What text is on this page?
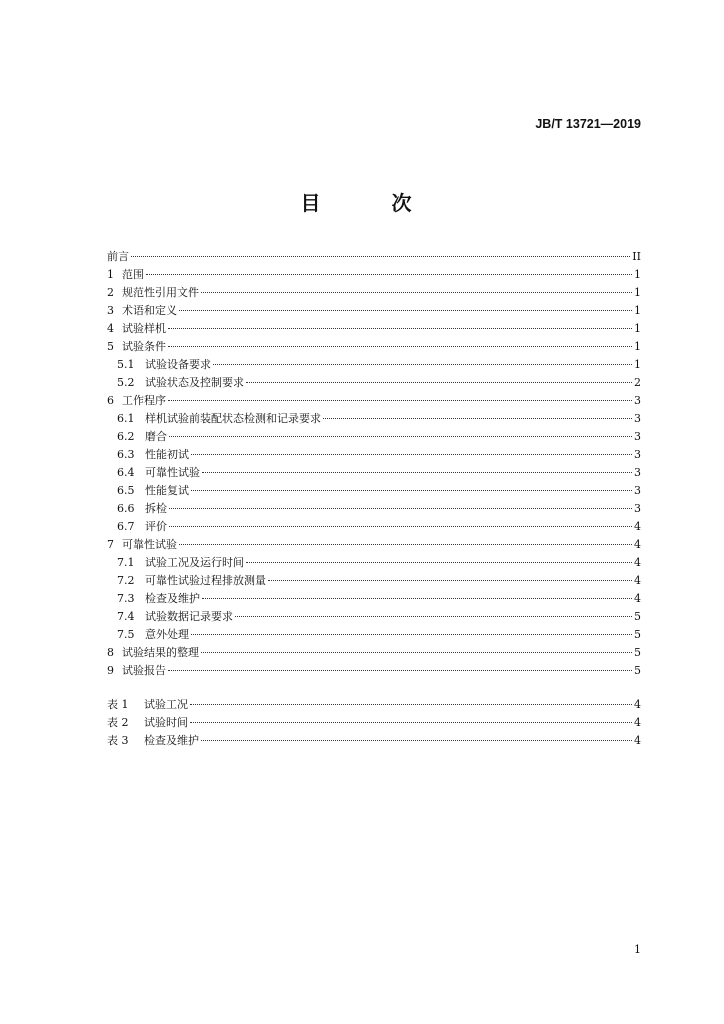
JB/T 13721—2019
目 次
前言	II
1 范围	1
2 规范性引用文件	1
3 术语和定义	1
4 试验样机	1
5 试验条件	1
5.1 试验设备要求	1
5.2 试验状态及控制要求	2
6 工作程序	3
6.1 样机试验前装配状态检测和记录要求	3
6.2 磨合	3
6.3 性能初试	3
6.4 可靠性试验	3
6.5 性能复试	3
6.6 拆检	3
6.7 评价	4
7 可靠性试验	4
7.1 试验工况及运行时间	4
7.2 可靠性试验过程排放测量	4
7.3 检查及维护	4
7.4 试验数据记录要求	5
7.5 意外处理	5
8 试验结果的整理	5
9 试验报告	5
表 1	试验工况	4
表 2	试验时间	4
表 3	检查及维护	4
1
